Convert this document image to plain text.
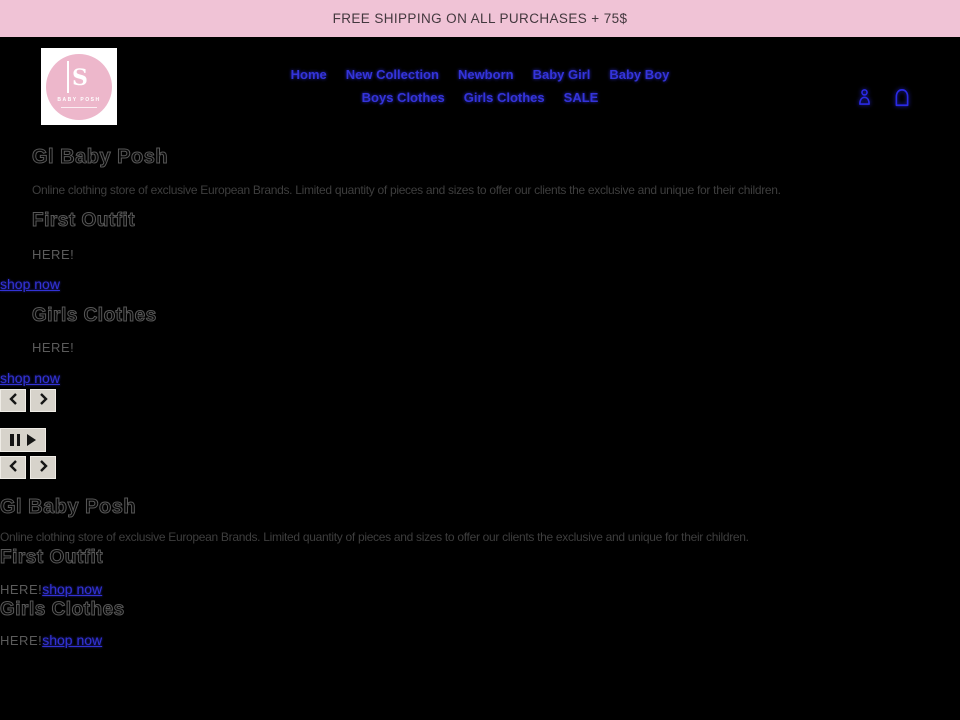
FREE SHIPPING ON ALL PURCHASES + 75$
S
BABY POSH
Home New Collection Newborn Baby Girl Baby Boy
Boys Clothes Girls Clothes SALE
Gl Baby Posh

Online clothing store of exclusive European Brands. Limited quantity of pieces and sizes to offer our clients the exclusive and unique for their children.

First Outfit
HERE!
shop now
Girls Clothes
HERE!
shop now
Gl Baby Posh

Online clothing store of exclusive European Brands. Limited quantity of pieces and sizes to offer our clients the exclusive and unique for their children.

First Outfit
HERE! shop now
Girls Clothes
HERE! shop now
